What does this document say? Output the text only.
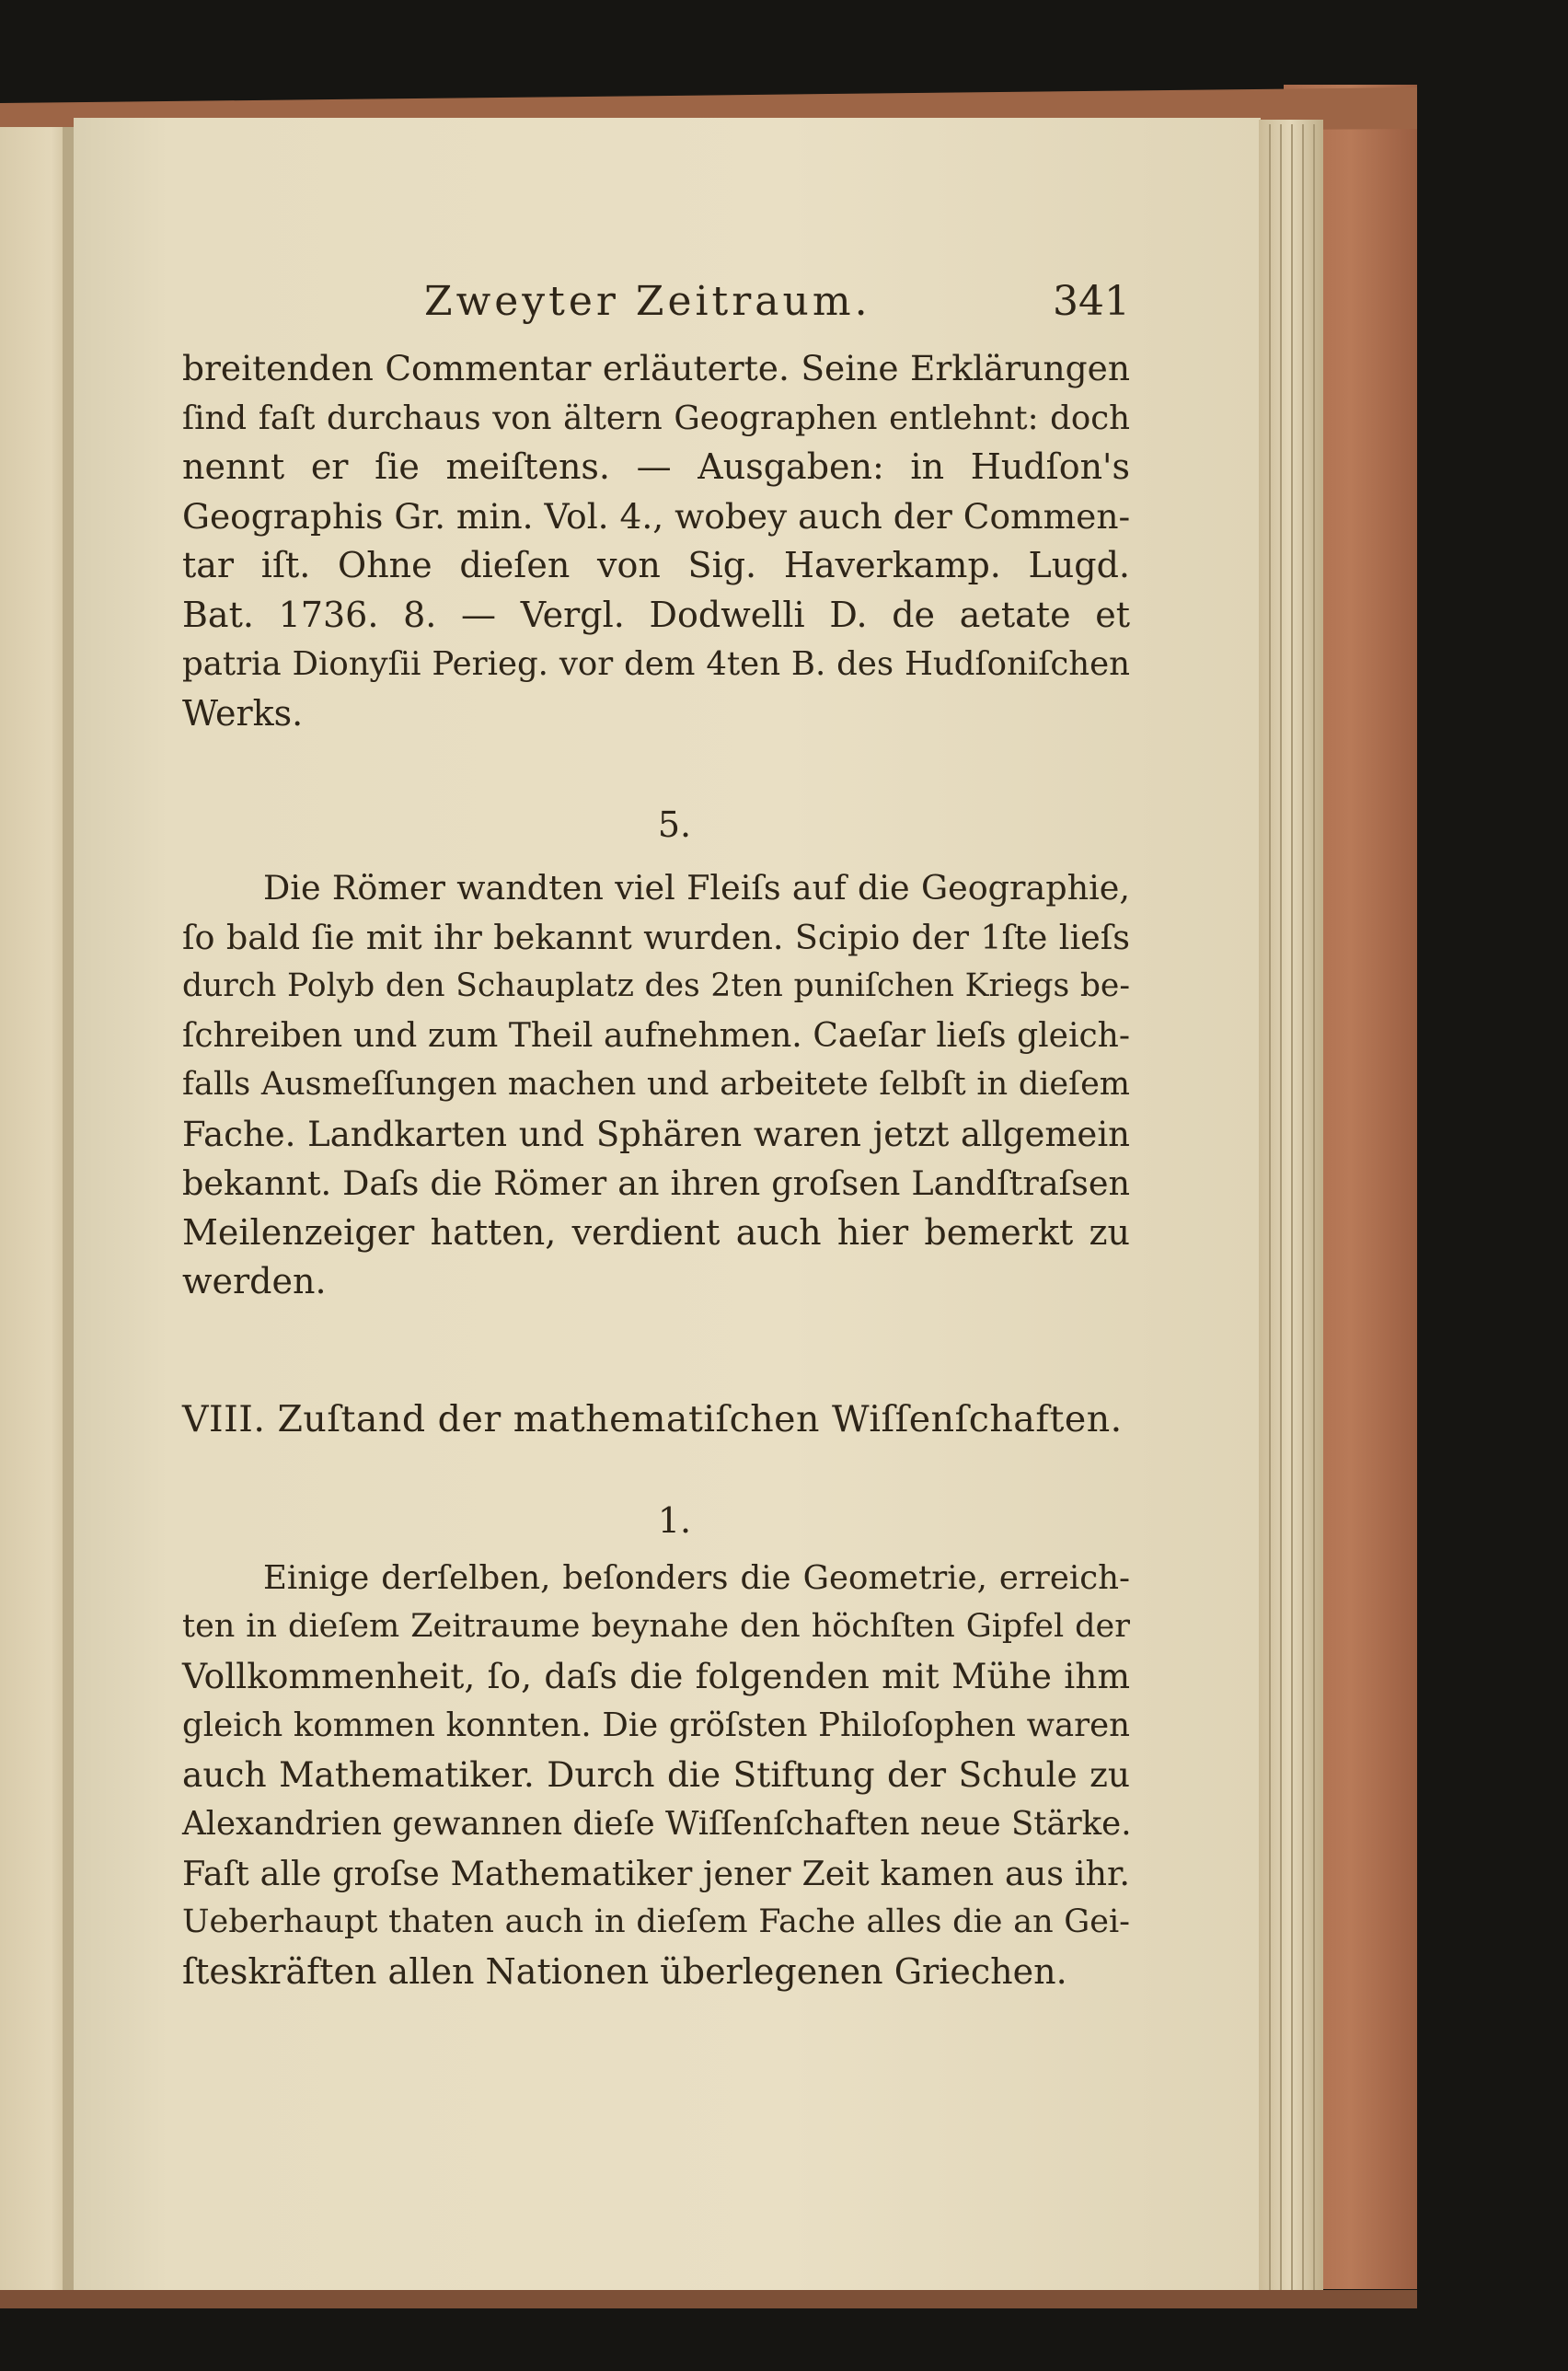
Zweyter Zeitraum.	341
breitenden Commentar erläuterte. Seine Erklärungen
ſind faſt durchaus von ältern Geographen entlehnt: doch
nennt er ſie meiſtens. — Ausgaben: in Hudſon's
Geographis Gr. min. Vol. 4., wobey auch der Commen-
tar iſt. Ohne dieſen von Sig. Haverkamp. Lugd.
Bat. 1736. 8. — Vergl. Dodwelli D. de aetate et
patria Dionyſii Perieg. vor dem 4ten B. des Hudſoniſchen
Werks.
5.
Die Römer wandten viel Fleiſs auf die Geographie,
ſo bald ſie mit ihr bekannt wurden. Scipio der 1ſte lieſs
durch Polyb den Schauplatz des 2ten puniſchen Kriegs be-
ſchreiben und zum Theil aufnehmen. Caeſar lieſs gleich-
falls Ausmeſſungen machen und arbeitete ſelbſt in dieſem
Fache. Landkarten und Sphären waren jetzt allgemein
bekannt. Daſs die Römer an ihren groſsen Landſtraſsen
Meilenzeiger hatten, verdient auch hier bemerkt zu
werden.
VIII. Zuſtand der mathematiſchen Wiſſenſchaften.
1.
Einige derſelben, beſonders die Geometrie, erreich-
ten in dieſem Zeitraume beynahe den höchſten Gipfel der
Vollkommenheit, ſo, daſs die folgenden mit Mühe ihm
gleich kommen konnten. Die gröſsten Philoſophen waren
auch Mathematiker. Durch die Stiftung der Schule zu
Alexandrien gewannen dieſe Wiſſenſchaften neue Stärke.
Faſt alle groſse Mathematiker jener Zeit kamen aus ihr.
Ueberhaupt thaten auch in dieſem Fache alles die an Gei-
ſteskräften allen Nationen überlegenen Griechen.
